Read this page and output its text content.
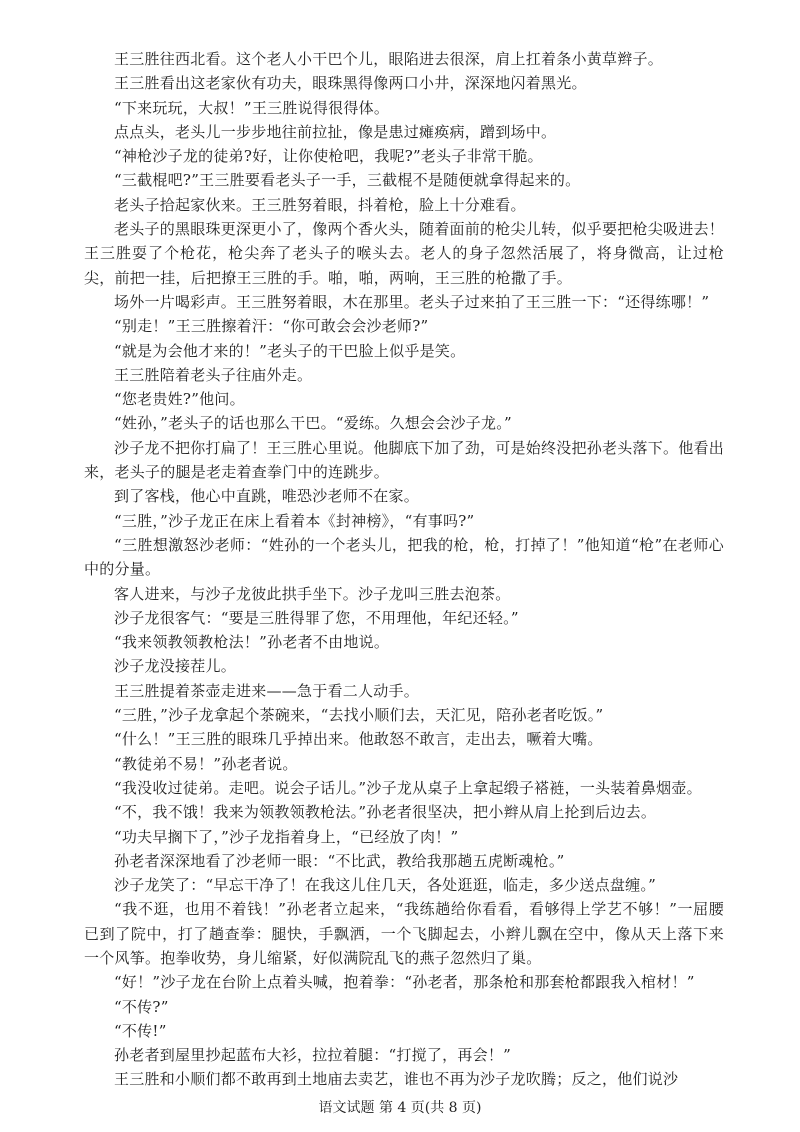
王三胜往西北看。这个老人小干巴个儿，眼陷进去很深，肩上扛着条小黄草辫子。

王三胜看出这老家伙有功夫，眼珠黑得像两口小井，深深地闪着黑光。

“下来玩玩，大叔！”王三胜说得很得体。

点点头，老头儿一步步地往前拉扯，像是患过瘫痪病，蹭到场中。

“神枪沙子龙的徒弟?好，让你使枪吧，我呢?”老头子非常干脆。

“三截棍吧?”王三胜要看老头子一手，三截棍不是随便就拿得起来的。

老头子拾起家伙来。王三胜努着眼，抖着枪，脸上十分难看。

老头子的黑眼珠更深更小了，像两个香火头，随着面前的枪尖儿转，似乎要把枪尖吸进去！王三胜耍了个枪花，枪尖奔了老头子的喉头去。老人的身子忽然活展了，将身微高，让过枪尖，前把一挂，后把撩王三胜的手。啪，啪，两响，王三胜的枪撒了手。

场外一片喝彩声。王三胜努着眼，木在那里。老头子过来拍了王三胜一下：“还得练哪！”

“别走！”王三胜擦着汗：“你可敢会会沙老师?”

“就是为会他才来的！”老头子的干巴脸上似乎是笑。

王三胜陪着老头子往庙外走。

“您老贵姓?”他问。

“姓孙，”老头子的话也那么干巴。“爱练。久想会会沙子龙。”

沙子龙不把你打扁了！王三胜心里说。他脚底下加了劲，可是始终没把孙老头落下。他看出来，老头子的腿是老走着查拳门中的连跳步。

到了客栈，他心中直跳，唯恐沙老师不在家。

“三胜，”沙子龙正在床上看着本《封神榜》，“有事吗?”

“三胜想激怒沙老师：“姓孙的一个老头儿，把我的枪，枪，打掉了！”他知道“枪”在老师心中的分量。

客人进来，与沙子龙彼此拱手坐下。沙子龙叫三胜去泡茶。

沙子龙很客气：“要是三胜得罪了您，不用理他，年纪还轻。”

“我来领教领教枪法！”孙老者不由地说。

沙子龙没接茬儿。

王三胜提着茶壶走进来——急于看二人动手。

“三胜，”沙子龙拿起个茶碗来，“去找小顺们去，天汇见，陪孙老者吃饭。”

“什么！”王三胜的眼珠几乎掉出来。他敢怒不敢言，走出去，噘着大嘴。

“教徒弟不易！”孙老者说。

“我没收过徒弟。走吧。说会子话儿。”沙子龙从桌子上拿起缎子褡裢，一头装着鼻烟壶。

“不，我不饿！我来为领教领教枪法。”孙老者很坚决，把小辫从肩上抡到后边去。

“功夫早搁下了，”沙子龙指着身上，“已经放了肉！”

孙老者深深地看了沙老师一眼：“不比武，教给我那趟五虎断魂枪。”

沙子龙笑了：“早忘干净了！在我这儿住几天，各处逛逛，临走，多少送点盘缠。”

“我不逛，也用不着钱！”孙老者立起来，“我练趟给你看看，看够得上学艺不够！”一屈腰已到了院中，打了趟查拳：腿快，手飘洒，一个飞脚起去，小辫儿飘在空中，像从天上落下来一个风筝。抱拳收势，身儿缩紧，好似满院乱飞的燕子忽然归了巢。

“好！”沙子龙在台阶上点着头喊，抱着拳：“孙老者，那条枪和那套枪都跟我入棺材！”

“不传?”

“不传!”

孙老者到屋里抄起蓝布大衫，拉拉着腿：“打搅了，再会！”

王三胜和小顺们都不敢再到土地庙去卖艺，谁也不再为沙子龙吹腾；反之，他们说沙

语文试题 第 4 页(共 8 页)
